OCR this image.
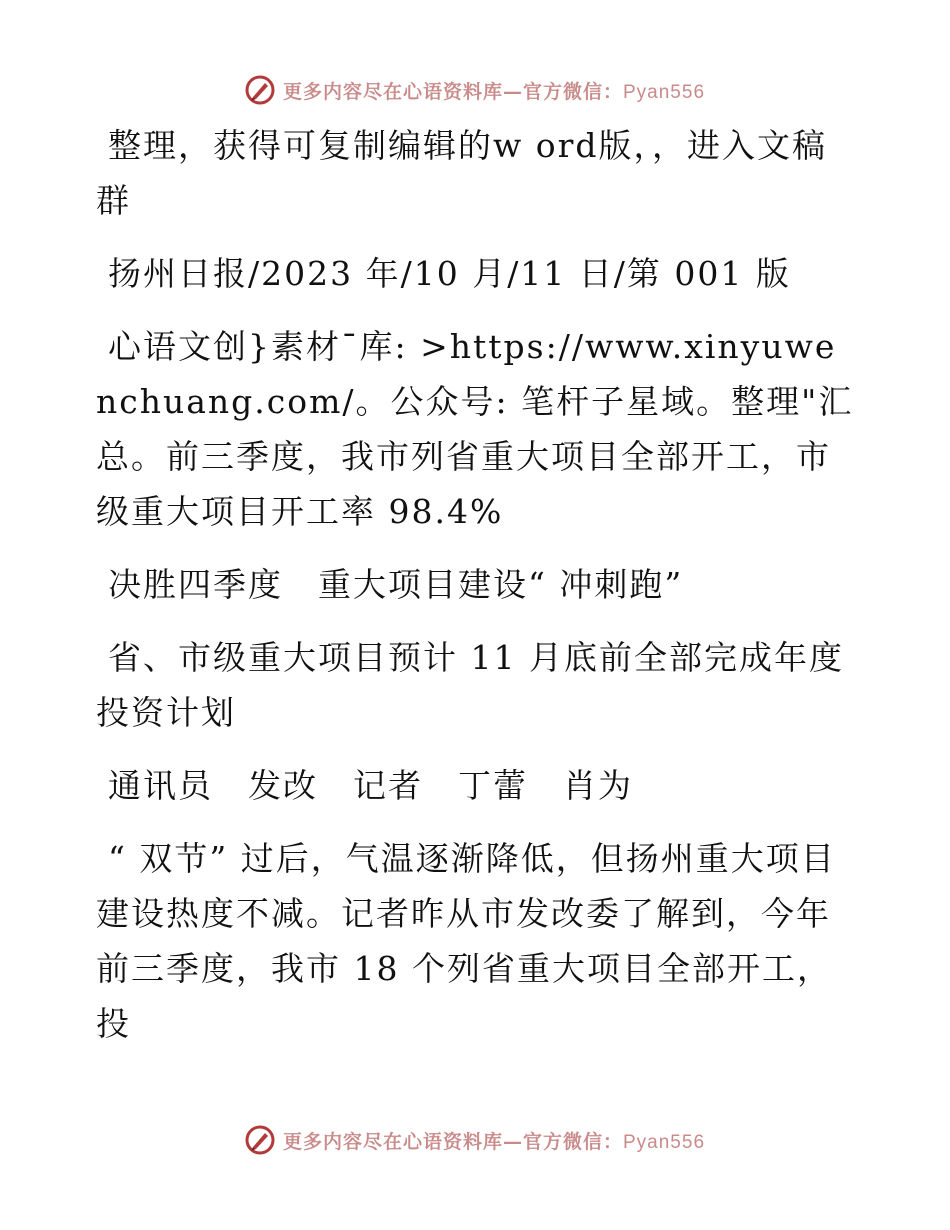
更多内容尽在心语资料库—官方微信：Pyan556

整理，获得可复制编辑的w ord版，，进入文稿群

扬州日报/2023 年/10 月/11 日/第 001 版

心语文创}素材¯库: >https://www.xinyuwenchuang.com/。公众号: 笔杆子星域。整理"汇总。前三季度，我市列省重大项目全部开工，市级重大项目开工率 98.4%

决胜四季度　重大项目建设“ 冲刺跑”

省、市级重大项目预计 11 月底前全部完成年度投资计划

通讯员　发改　记者　丁蕾　肖为

“ 双节” 过后，气温逐渐降低，但扬州重大项目建设热度不减。记者昨从市发改委了解到，今年前三季度，我市 18 个列省重大项目全部开工，投

更多内容尽在心语资料库—官方微信：Pyan556
